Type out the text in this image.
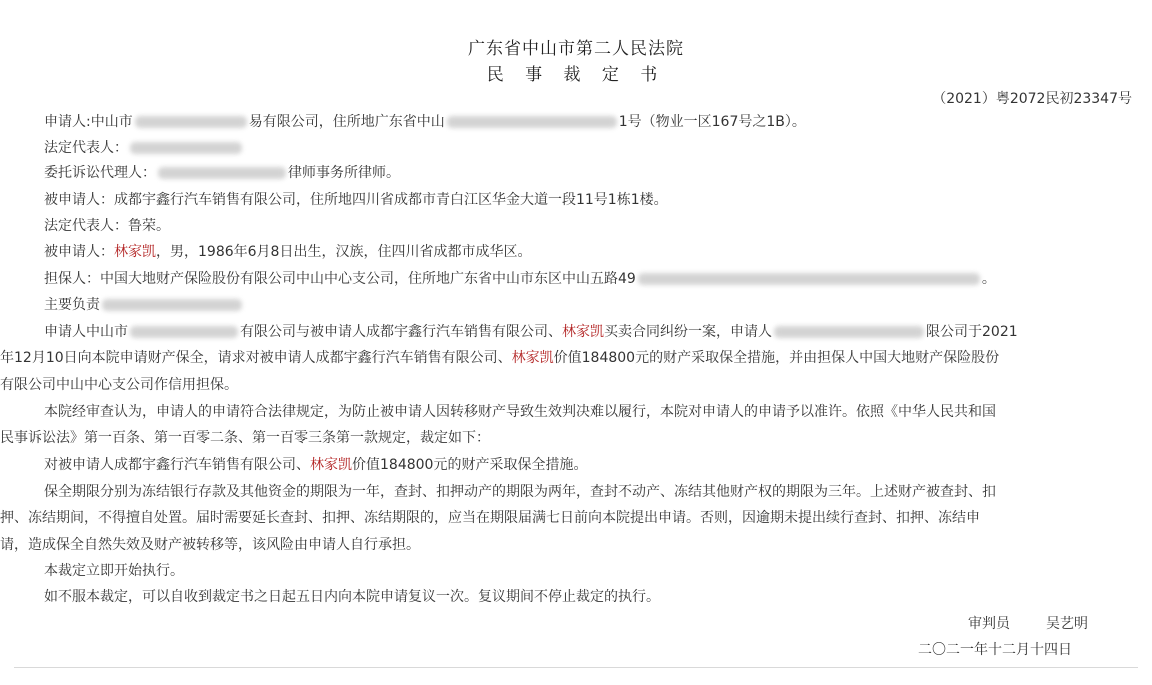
广东省中山市第二人民法院
民 事 裁 定 书
（2021）粤2072民初23347号
申请人:中山市	易有限公司，住所地广东省中山	1号（物业一区167号之1B）。
法定代表人：
委托诉讼代理人：	律师事务所律师。
被申请人：成都宇鑫行汽车销售有限公司，住所地四川省成都市青白江区华金大道一段11号1栋1楼。
法定代表人：鲁荣。
被申请人：林家凯，男，1986年6月8日出生，汉族，住四川省成都市成华区。
担保人：中国大地财产保险股份有限公司中山中心支公司，住所地广东省中山市东区中山五路49	。
主要负责
申请人中山市	有限公司与被申请人成都宇鑫行汽车销售有限公司、林家凯买卖合同纠纷一案，申请人	限公司于2021
年12月10日向本院申请财产保全，请求对被申请人成都宇鑫行汽车销售有限公司、林家凯价值184800元的财产采取保全措施，并由担保人中国大地财产保险股份
有限公司中山中心支公司作信用担保。
本院经审查认为，申请人的申请符合法律规定，为防止被申请人因转移财产导致生效判决难以履行，本院对申请人的申请予以准许。依照《中华人民共和国
民事诉讼法》第一百条、第一百零二条、第一百零三条第一款规定，裁定如下：
对被申请人成都宇鑫行汽车销售有限公司、林家凯价值184800元的财产采取保全措施。
保全期限分别为冻结银行存款及其他资金的期限为一年，查封、扣押动产的期限为两年，查封不动产、冻结其他财产权的期限为三年。上述财产被查封、扣
押、冻结期间，不得擅自处置。届时需要延长查封、扣押、冻结期限的，应当在期限届满七日前向本院提出申请。否则，因逾期未提出续行查封、扣押、冻结申
请，造成保全自然失效及财产被转移等，该风险由申请人自行承担。
本裁定立即开始执行。
如不服本裁定，可以自收到裁定书之日起五日内向本院申请复议一次。复议期间不停止裁定的执行。
审判员	吴艺明
二〇二一年十二月十四日
